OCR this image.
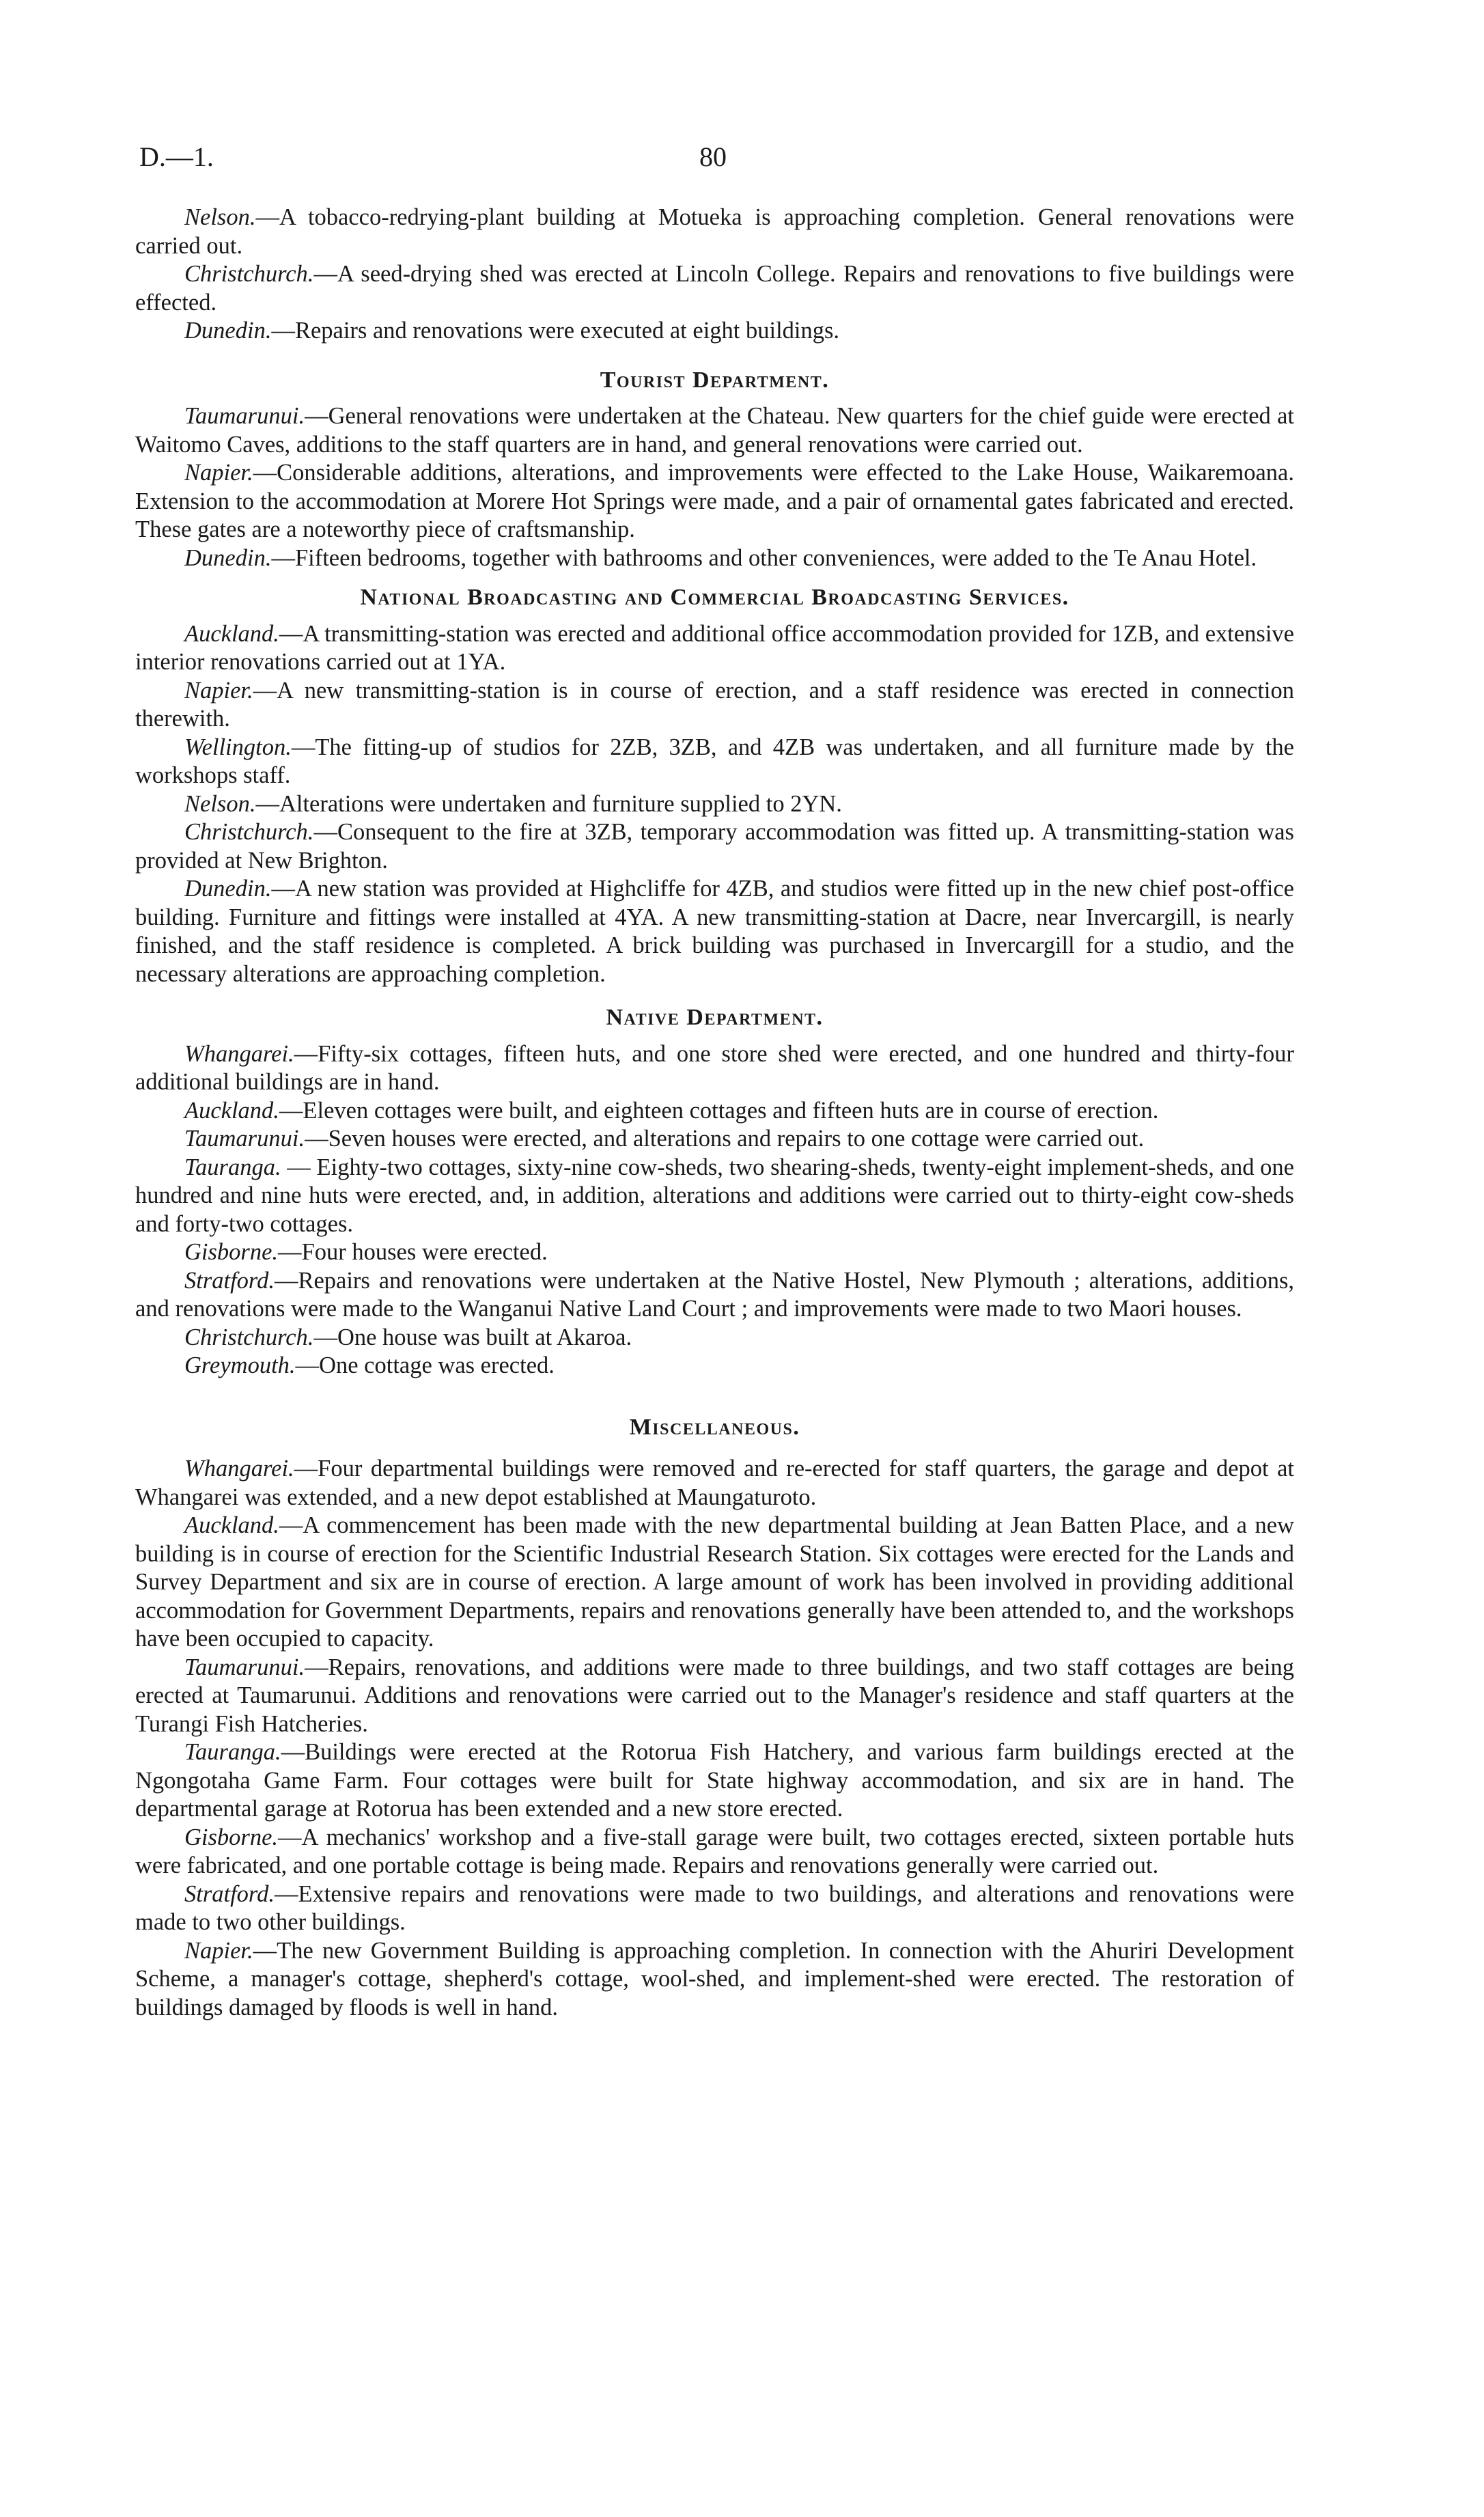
D.—1.	80

Nelson.—A tobacco-redrying-plant building at Motueka is approaching completion. General renovations were carried out.

Christchurch.—A seed-drying shed was erected at Lincoln College. Repairs and renovations to five buildings were effected.

Dunedin.—Repairs and renovations were executed at eight buildings.

Tourist Department.

Taumarunui.—General renovations were undertaken at the Chateau. New quarters for the chief guide were erected at Waitomo Caves, additions to the staff quarters are in hand, and general renovations were carried out.

Napier.—Considerable additions, alterations, and improvements were effected to the Lake House, Waikaremoana. Extension to the accommodation at Morere Hot Springs were made, and a pair of ornamental gates fabricated and erected. These gates are a noteworthy piece of craftsmanship.

Dunedin.—Fifteen bedrooms, together with bathrooms and other conveniences, were added to the Te Anau Hotel.

National Broadcasting and Commercial Broadcasting Services.

Auckland.—A transmitting-station was erected and additional office accommodation provided for 1ZB, and extensive interior renovations carried out at 1YA.

Napier.—A new transmitting-station is in course of erection, and a staff residence was erected in connection therewith.

Wellington.—The fitting-up of studios for 2ZB, 3ZB, and 4ZB was undertaken, and all furniture made by the workshops staff.

Nelson.—Alterations were undertaken and furniture supplied to 2YN.

Christchurch.—Consequent to the fire at 3ZB, temporary accommodation was fitted up. A transmitting-station was provided at New Brighton.

Dunedin.—A new station was provided at Highcliffe for 4ZB, and studios were fitted up in the new chief post-office building. Furniture and fittings were installed at 4YA. A new transmitting-station at Dacre, near Invercargill, is nearly finished, and the staff residence is completed. A brick building was purchased in Invercargill for a studio, and the necessary alterations are approaching completion.

Native Department.

Whangarei.—Fifty-six cottages, fifteen huts, and one store shed were erected, and one hundred and thirty-four additional buildings are in hand.

Auckland.—Eleven cottages were built, and eighteen cottages and fifteen huts are in course of erection.

Taumarunui.—Seven houses were erected, and alterations and repairs to one cottage were carried out.

Tauranga. — Eighty-two cottages, sixty-nine cow-sheds, two shearing-sheds, twenty-eight implement-sheds, and one hundred and nine huts were erected, and, in addition, alterations and additions were carried out to thirty-eight cow-sheds and forty-two cottages.

Gisborne.—Four houses were erected.

Stratford.—Repairs and renovations were undertaken at the Native Hostel, New Plymouth ; alterations, additions, and renovations were made to the Wanganui Native Land Court ; and improvements were made to two Maori houses.

Christchurch.—One house was built at Akaroa.

Greymouth.—One cottage was erected.

Miscellaneous.

Whangarei.—Four departmental buildings were removed and re-erected for staff quarters, the garage and depot at Whangarei was extended, and a new depot established at Maungaturoto.

Auckland.—A commencement has been made with the new departmental building at Jean Batten Place, and a new building is in course of erection for the Scientific Industrial Research Station. Six cottages were erected for the Lands and Survey Department and six are in course of erection. A large amount of work has been involved in providing additional accommodation for Government Departments, repairs and renovations generally have been attended to, and the workshops have been occupied to capacity.

Taumarunui.—Repairs, renovations, and additions were made to three buildings, and two staff cottages are being erected at Taumarunui. Additions and renovations were carried out to the Manager's residence and staff quarters at the Turangi Fish Hatcheries.

Tauranga.—Buildings were erected at the Rotorua Fish Hatchery, and various farm buildings erected at the Ngongotaha Game Farm. Four cottages were built for State highway accommodation, and six are in hand. The departmental garage at Rotorua has been extended and a new store erected.

Gisborne.—A mechanics' workshop and a five-stall garage were built, two cottages erected, sixteen portable huts were fabricated, and one portable cottage is being made. Repairs and renovations generally were carried out.

Stratford.—Extensive repairs and renovations were made to two buildings, and alterations and renovations were made to two other buildings.

Napier.—The new Government Building is approaching completion. In connection with the Ahuriri Development Scheme, a manager's cottage, shepherd's cottage, wool-shed, and implement-shed were erected. The restoration of buildings damaged by floods is well in hand.
